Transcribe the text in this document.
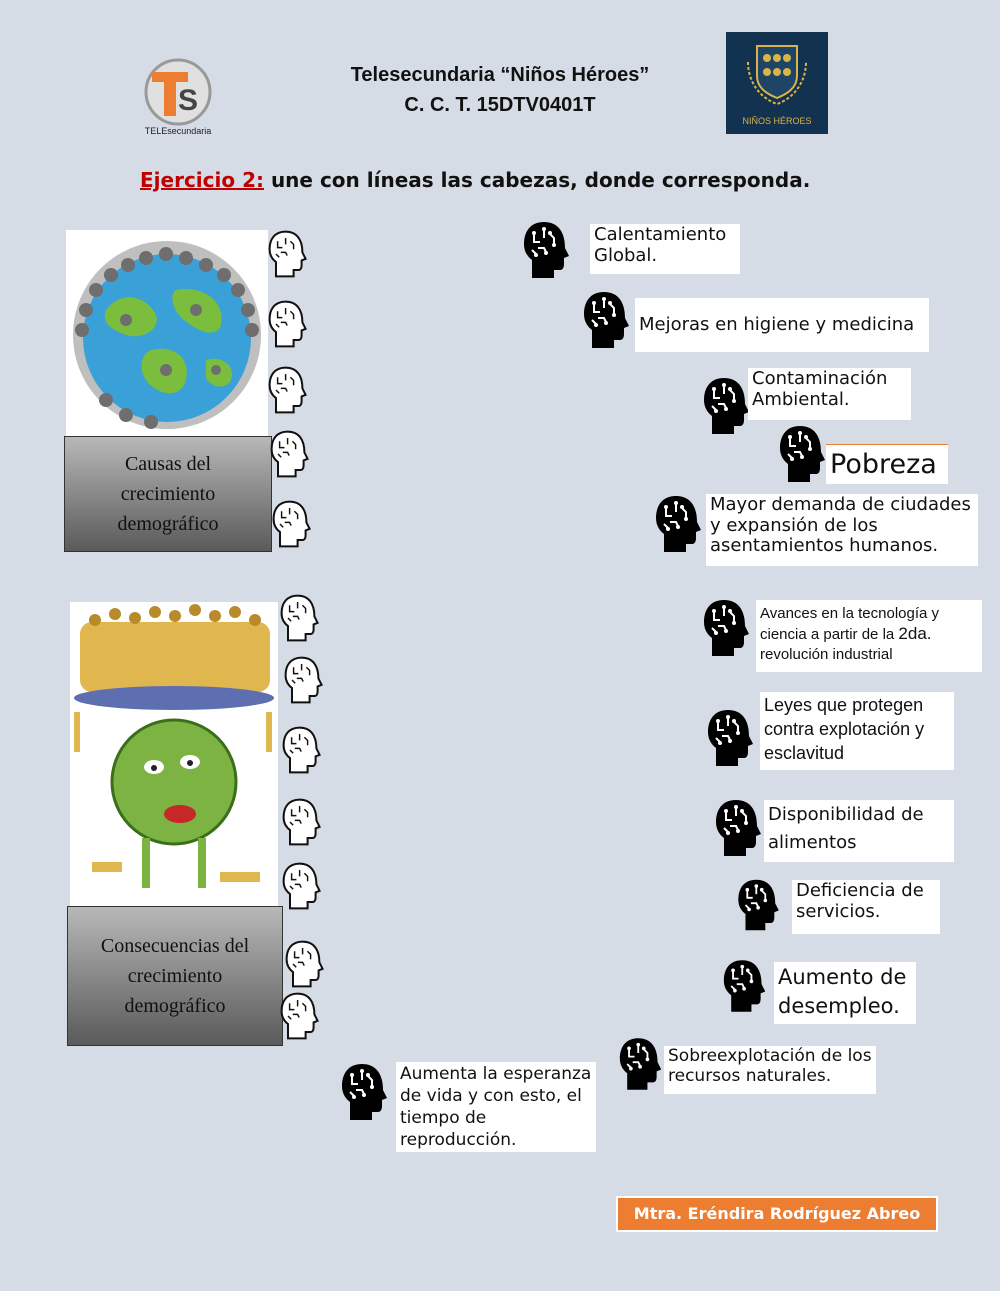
S
TELEsecundaria
Telesecundaria “Niños Héroes”
C. C. T. 15DTV0401T
NIÑOS HÉROES
Ejercicio 2: une con líneas las cabezas, donde corresponda.
Causas del crecimiento demográfico
Consecuencias del crecimiento demográfico
Calentamiento Global.
Mejoras en higiene y medicina
Contaminación Ambiental.
Pobreza
Mayor demanda de ciudades y expansión de los asentamientos humanos.
Avances en la tecnología y ciencia a partir de la 2da.
revolución industrial
Leyes que protegen contra explotación y esclavitud
Disponibilidad de alimentos
Deficiencia de servicios.
Aumento de desempleo.
Sobreexplotación de los recursos naturales.
Aumenta la esperanza de vida y con esto, el tiempo de reproducción.
Mtra. Eréndira Rodríguez Abreo
